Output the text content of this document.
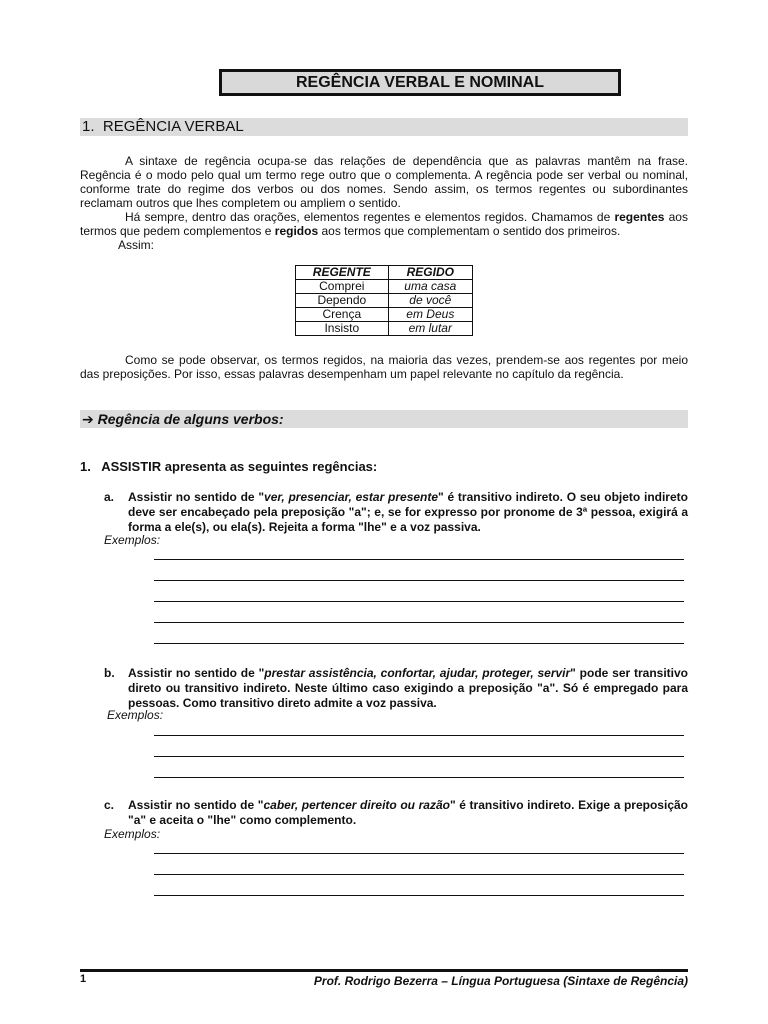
REGÊNCIA VERBAL E NOMINAL
1. REGÊNCIA VERBAL

A sintaxe de regência ocupa-se das relações de dependência que as palavras mantêm na frase. Regência é o modo pelo qual um termo rege outro que o complementa. A regência pode ser verbal ou nominal, conforme trate do regime dos verbos ou dos nomes. Sendo assim, os termos regentes ou subordinantes reclamam outros que lhes completem ou ampliem o sentido.

Há sempre, dentro das orações, elementos regentes e elementos regidos. Chamamos de regentes aos termos que pedem complementos e regidos aos termos que complementam o sentido dos primeiros.

Assim:

REGENTE	REGIDO
Comprei	uma casa
Dependo	de você
Crença	em Deus
Insisto	em lutar

Como se pode observar, os termos regidos, na maioria das vezes, prendem-se aos regentes por meio das preposições. Por isso, essas palavras desempenham um papel relevante no capítulo da regência.

➔ Regência de alguns verbos:
1. ASSISTIR apresenta as seguintes regências:
a. Assistir no sentido de "ver, presenciar, estar presente" é transitivo indireto. O seu objeto indireto deve ser encabeçado pela preposição "a"; e, se for expresso por pronome de 3ª pessoa, exigirá a forma a ele(s), ou ela(s). Rejeita a forma "lhe" e a voz passiva.
Exemplos:
b. Assistir no sentido de "prestar assistência, confortar, ajudar, proteger, servir" pode ser transitivo direto ou transitivo indireto. Neste último caso exigindo a preposição "a". Só é empregado para pessoas. Como transitivo direto admite a voz passiva.
Exemplos:
c. Assistir no sentido de "caber, pertencer direito ou razão" é transitivo indireto. Exige a preposição "a" e aceita o "lhe" como complemento.
Exemplos:
1	Prof. Rodrigo Bezerra – Língua Portuguesa (Sintaxe de Regência)
